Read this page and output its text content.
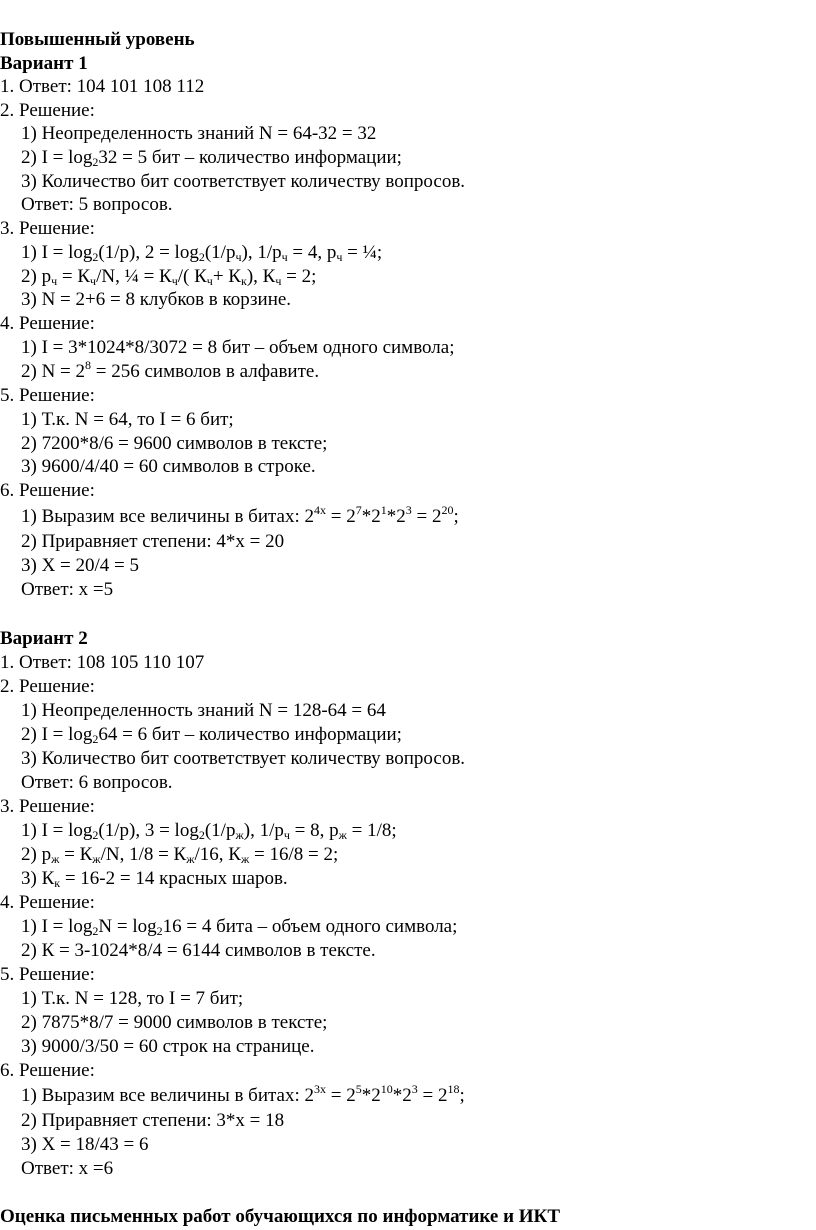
Повышенный уровень
Вариант 1
1. Ответ: 104 101 108 112
2. Решение:
1) Неопределенность знаний N = 64-32 = 32
2) $I = \log_232 = 5$ бит – количество информации;
3) Количество бит соответствует количеству вопросов.
Ответ: 5 вопросов.
3. Решение:
1) $I = \log_2(1/p)$, $2 = \log_2(1/p_ч)$, $1/p_ч = 4$, $p_ч$ = ¼;
2) $p_ч = К_ч/N$, ¼ = $К_ч/$( $К_ч+ К_к$), $К_ч = 2$;
3) N = 2+6 = 8 клубков в корзине.
4. Решение:
1) I = 3*1024*8/3072 = 8 бит – объем одного символа;
2) $N = 2^8 = 256$ символов в алфавите.
5. Решение:
1) Т.к. N = 64, то I = 6 бит;
2) 7200*8/6 = 9600 символов в тексте;
3) 9600/4/40 = 60 символов в строке.
6. Решение:
1) Выразим все величины в битах: $2^{4x} = 2^7*2^1*2^3 = 2^{20}$;
2) Приравняет степени: 4*x = 20
3) X = 20/4 = 5
Ответ: x =5
Вариант 2
1. Ответ: 108 105 110 107
2. Решение:
1) Неопределенность знаний N = 128-64 = 64
2) $I = \log_264 = 6$ бит – количество информации;
3) Количество бит соответствует количеству вопросов.
Ответ: 6 вопросов.
3. Решение:
1) $I = \log_2(1/p)$, $3 = \log_2(1/p_ж)$, $1/p_ч = 8$, $p_ж = 1/8$;
2) $p_ж = К_ж/N$, $1/8 = К_ж/16$, $К_ж = 16/8 = 2$;
3) $К_к = 16-2 = 14$ красных шаров.
4. Решение:
1) $I = \log_2N = \log_216 = 4$ бита – объем одного символа;
2) К = 3-1024*8/4 = 6144 символов в тексте.
5. Решение:
1) Т.к. N = 128, то I = 7 бит;
2) 7875*8/7 = 9000 символов в тексте;
3) 9000/3/50 = 60 строк на странице.
6. Решение:
1) Выразим все величины в битах: $2^{3x} = 2^5*2^{10}*2^3 = 2^{18}$;
2) Приравняет степени: 3*x = 18
3) X = 18/43 = 6
Ответ: x =6
Оценка письменных работ обучающихся по информатике и ИКТ
